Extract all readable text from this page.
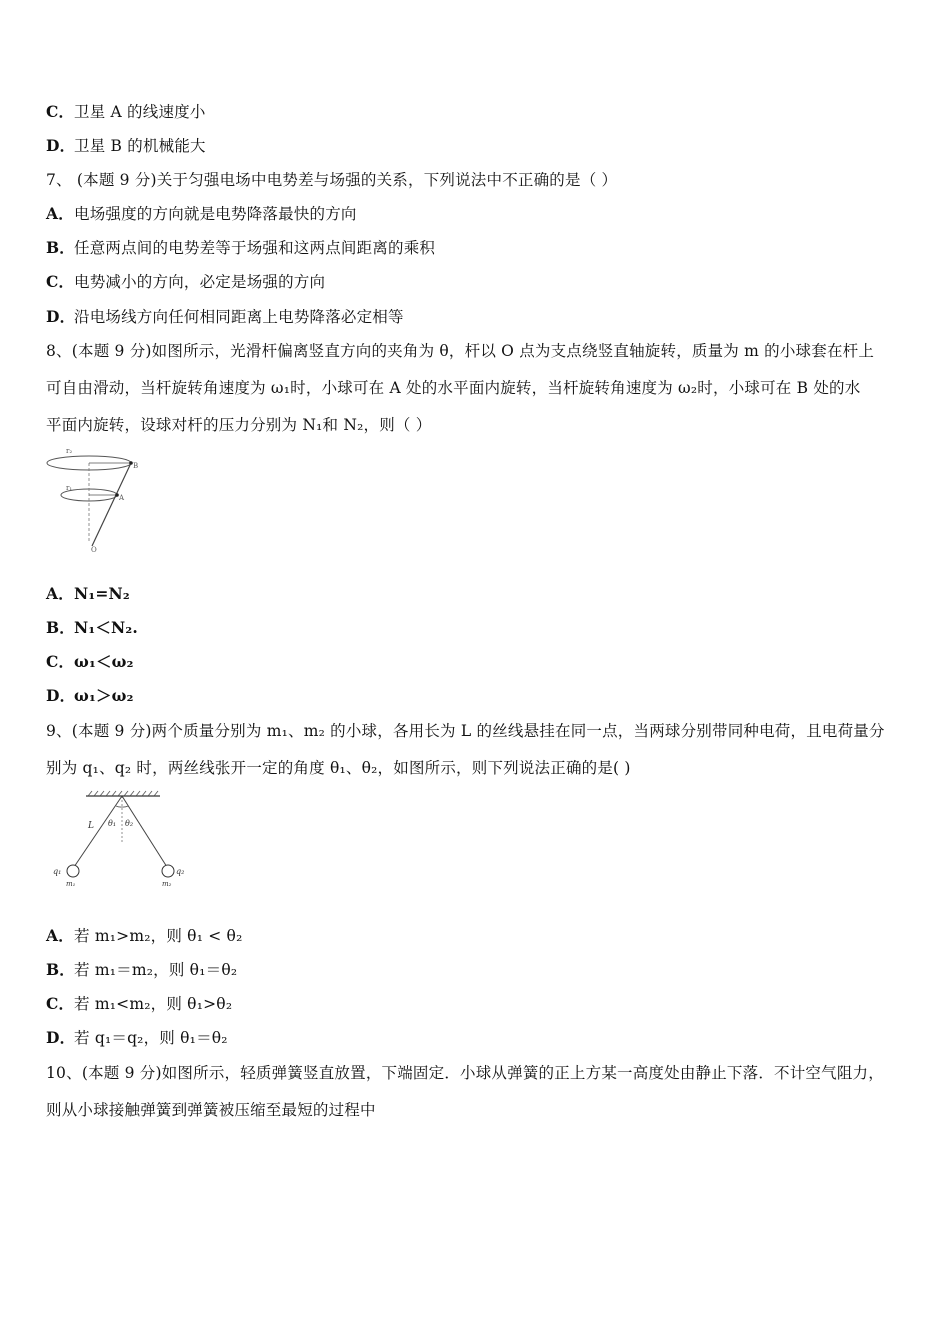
C．卫星 A 的线速度小
D．卫星 B 的机械能大
7、 (本题 9 分)关于匀强电场中电势差与场强的关系，下列说法中不正确的是（ ）
A．电场强度的方向就是电势降落最快的方向
B．任意两点间的电势差等于场强和这两点间距离的乘积
C．电势减小的方向，必定是场强的方向
D．沿电场线方向任何相同距离上电势降落必定相等
8、(本题 9 分)如图所示，光滑杆偏离竖直方向的夹角为 θ，杆以 O 点为支点绕竖直轴旋转，质量为 m 的小球套在杆上
可自由滑动，当杆旋转角速度为 ω₁时，小球可在 A 处的水平面内旋转，当杆旋转角速度为 ω₂时，小球可在 B 处的水
平面内旋转，设球对杆的压力分别为 N₁和 N₂，则（ ）
r₂
r₁
B
A
O
A．N₁=N₂
B．N₁＜N₂.
C．ω₁＜ω₂
D．ω₁＞ω₂
9、(本题 9 分)两个质量分别为 m₁、m₂ 的小球，各用长为 L 的丝线悬挂在同一点，当两球分别带同种电荷，且电荷量分
别为 q₁、q₂ 时，两丝线张开一定的角度 θ₁、θ₂，如图所示，则下列说法正确的是( )
L θ₁ θ₂
q₁
m₁
q₂
m₂
A．若 m₁>m₂，则 θ₁ < θ₂
B．若 m₁＝m₂，则 θ₁＝θ₂
C．若 m₁<m₂，则 θ₁>θ₂
D．若 q₁＝q₂，则 θ₁＝θ₂
10、(本题 9 分)如图所示，轻质弹簧竖直放置，下端固定．小球从弹簧的正上方某一高度处由静止下落．不计空气阻力，
则从小球接触弹簧到弹簧被压缩至最短的过程中
